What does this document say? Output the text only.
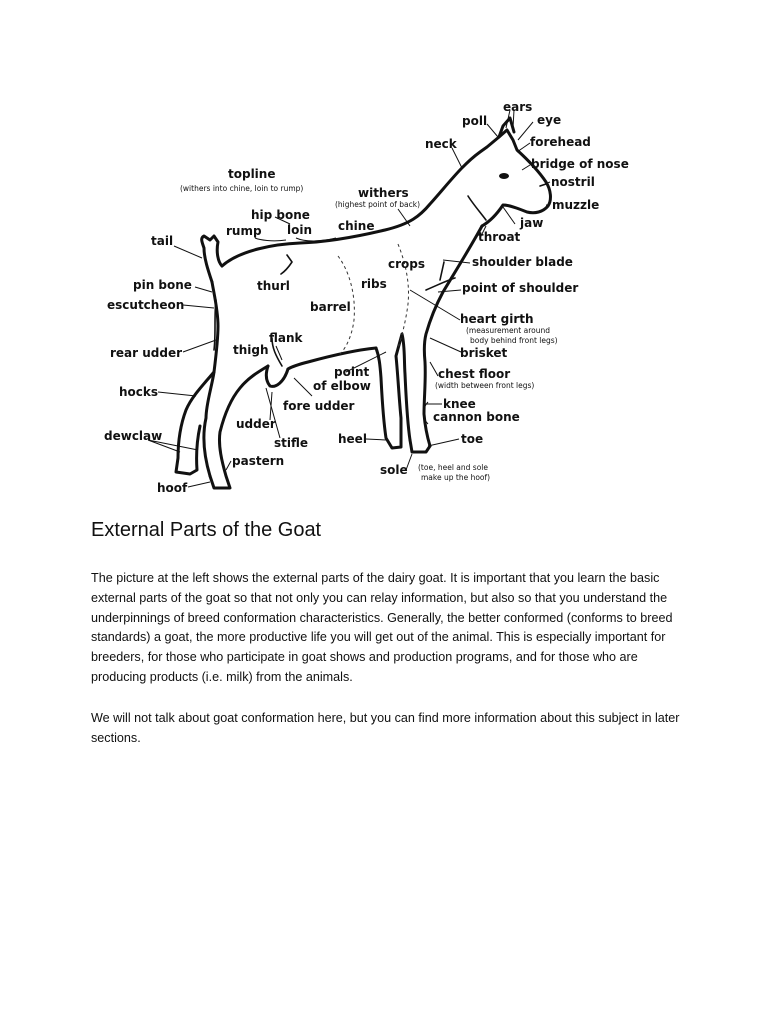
ears
poll	eye
forehead
neck
bridge of nose
nostril
topline
(withers into chine, loin to rump)	withers
(highest point of back)	muzzle
hip bone
jaw
rump loin chine
throat
tail
shoulder blade
crops
pin bone	thurl	ribs	point of shoulder
escutcheon	barrel
heart girth
(measurement around
body behind front legs)
flank
rear udder	thigh	brisket
point
of elbow
chest floor
(width between front legs)
hocks
fore udder	knee
cannon bone
udder
dewclaw	stifle heel	toe
pastern
sole (toe, heel and sole
make up the hoof)
hoof
External Parts of the Goat

The picture at the left shows the external parts of the dairy goat. It is important that you learn the basic external parts of the goat so that not only you can relay information, but also so that you understand the underpinnings of breed conformation characteristics. Generally, the better conformed (conforms to breed standards) a goat, the more productive life you will get out of the animal. This is especially important for breeders, for those who participate in goat shows and production programs, and for those who are producing products (i.e. milk) from the animals.

We will not talk about goat conformation here, but you can find more information about this subject in later sections.
